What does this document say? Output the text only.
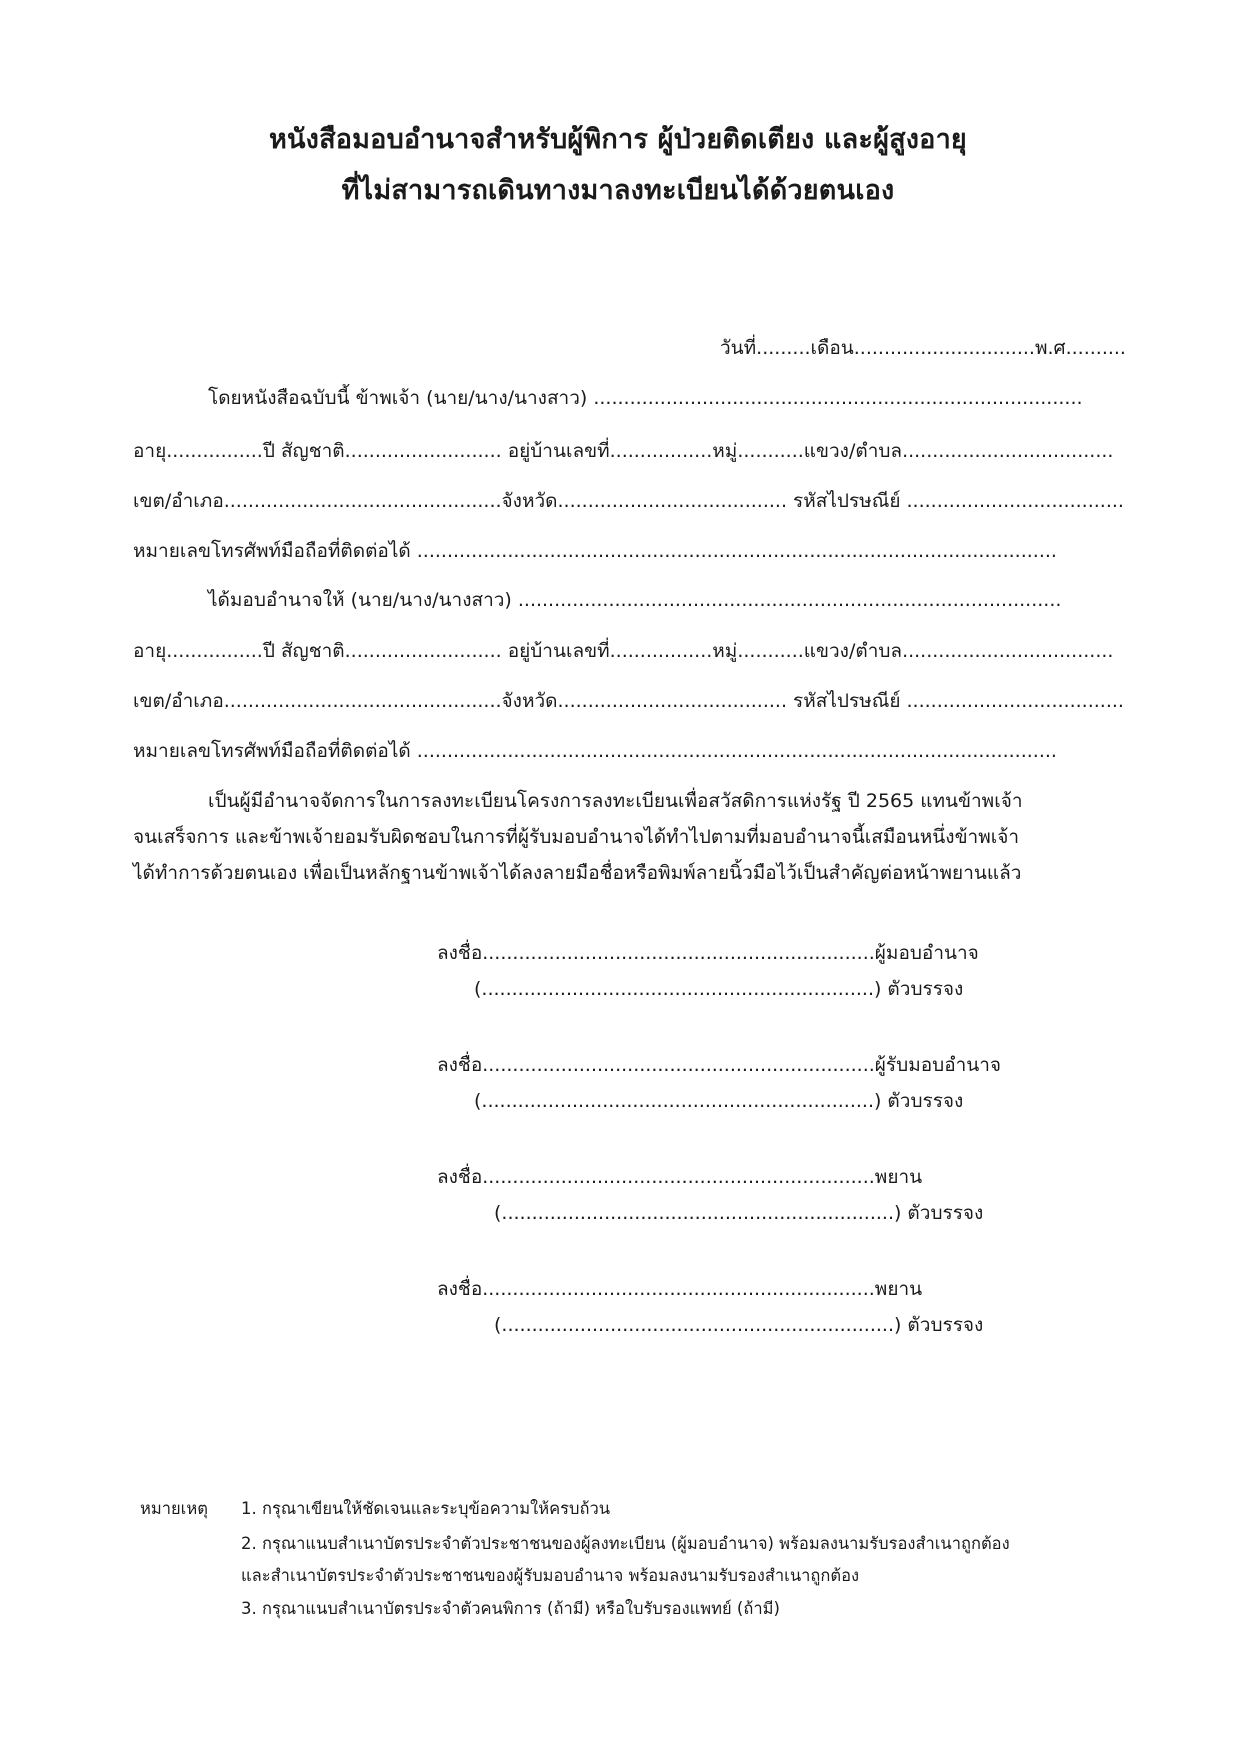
หนังสือมอบอำนาจสำหรับผู้พิการ ผู้ป่วยติดเตียง และผู้สูงอายุ
ที่ไม่สามารถเดินทางมาลงทะเบียนได้ด้วยตนเอง
วันที่.........เดือน..............................พ.ศ..........
โดยหนังสือฉบับนี้ ข้าพเจ้า (นาย/นาง/นางสาว) .................................................................................
อายุ................ปี สัญชาติ.......................... อยู่บ้านเลขที่.................หมู่...........แขวง/ตำบล...................................
เขต/อำเภอ..............................................จังหวัด...................................... รหัสไปรษณีย์ ....................................
หมายเลขโทรศัพท์มือถือที่ติดต่อได้ ..........................................................................................................
ได้มอบอำนาจให้ (นาย/นาง/นางสาว) ..........................................................................................
อายุ................ปี สัญชาติ.......................... อยู่บ้านเลขที่.................หมู่...........แขวง/ตำบล...................................
เขต/อำเภอ..............................................จังหวัด...................................... รหัสไปรษณีย์ ....................................
หมายเลขโทรศัพท์มือถือที่ติดต่อได้ ..........................................................................................................
เป็นผู้มีอำนาจจัดการในการลงทะเบียนโครงการลงทะเบียนเพื่อสวัสดิการแห่งรัฐ ปี 2565 แทนข้าพเจ้า
จนเสร็จการ และข้าพเจ้ายอมรับผิดชอบในการที่ผู้รับมอบอำนาจได้ทำไปตามที่มอบอำนาจนี้เสมือนหนึ่งข้าพเจ้า
ได้ทำการด้วยตนเอง เพื่อเป็นหลักฐานข้าพเจ้าได้ลงลายมือชื่อหรือพิมพ์ลายนิ้วมือไว้เป็นสำคัญต่อหน้าพยานแล้ว
ลงชื่อ.................................................................ผู้มอบอำนาจ
(.................................................................) ตัวบรรจง
ลงชื่อ.................................................................ผู้รับมอบอำนาจ
(.................................................................) ตัวบรรจง
ลงชื่อ.................................................................พยาน
(.................................................................) ตัวบรรจง
ลงชื่อ.................................................................พยาน
(.................................................................) ตัวบรรจง
หมายเหตุ 1. กรุณาเขียนให้ชัดเจนและระบุข้อความให้ครบถ้วน
2. กรุณาแนบสำเนาบัตรประจำตัวประชาชนของผู้ลงทะเบียน (ผู้มอบอำนาจ) พร้อมลงนามรับรองสำเนาถูกต้อง
และสำเนาบัตรประจำตัวประชาชนของผู้รับมอบอำนาจ พร้อมลงนามรับรองสำเนาถูกต้อง
3. กรุณาแนบสำเนาบัตรประจำตัวคนพิการ (ถ้ามี) หรือใบรับรองแพทย์ (ถ้ามี)
